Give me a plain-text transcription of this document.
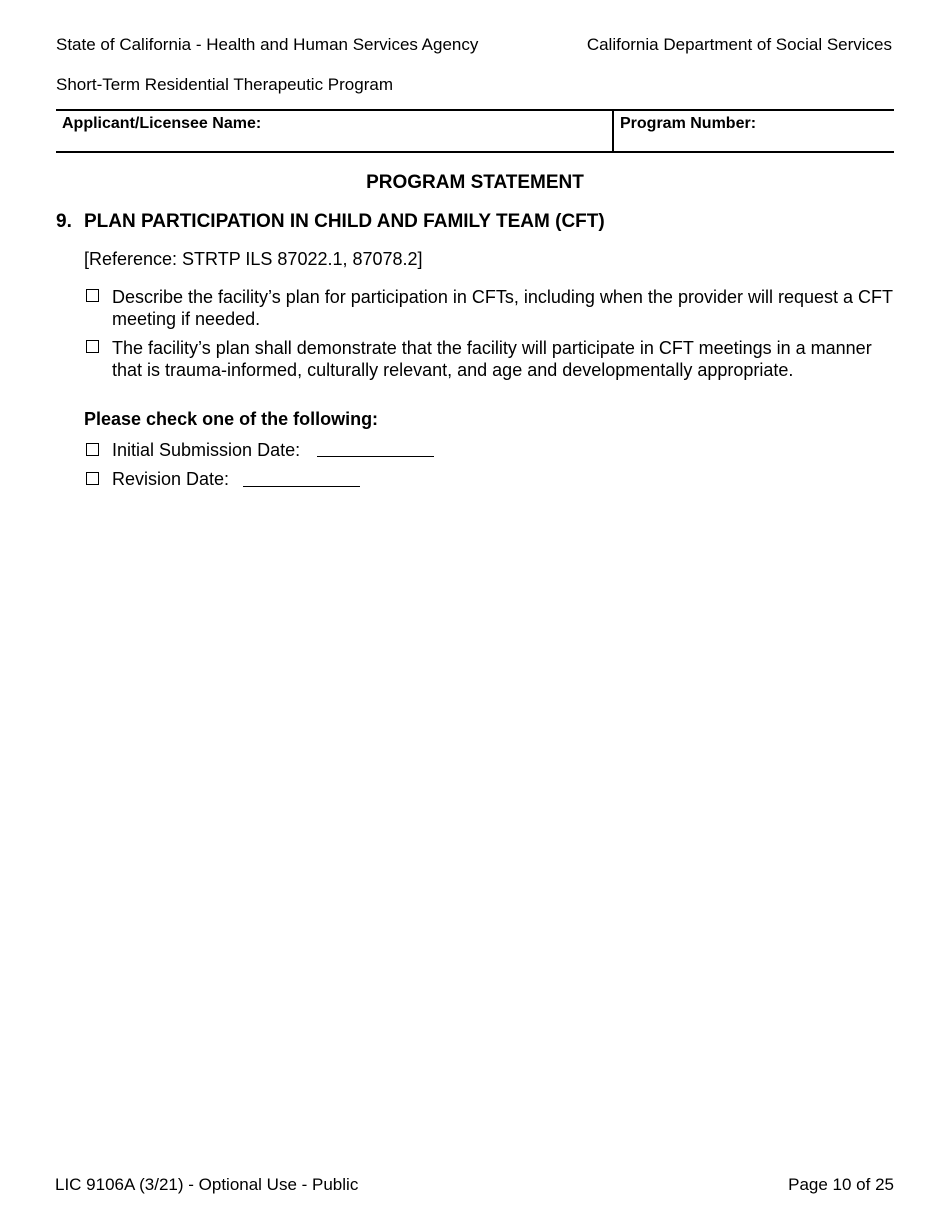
State of California - Health and Human Services Agency	California Department of Social Services
Short-Term Residential Therapeutic Program
Applicant/Licensee Name:	Program Number:
PROGRAM STATEMENT
9. PLAN PARTICIPATION IN CHILD AND FAMILY TEAM (CFT)
[Reference: STRTP ILS 87022.1, 87078.2]
Describe the facility’s plan for participation in CFTs, including when the provider will request a CFT meeting if needed.
The facility’s plan shall demonstrate that the facility will participate in CFT meetings in a manner that is trauma-informed, culturally relevant, and age and developmentally appropriate.
Please check one of the following:
Initial Submission Date:
Revision Date:
LIC 9106A (3/21) - Optional Use - Public	Page 10 of 25
